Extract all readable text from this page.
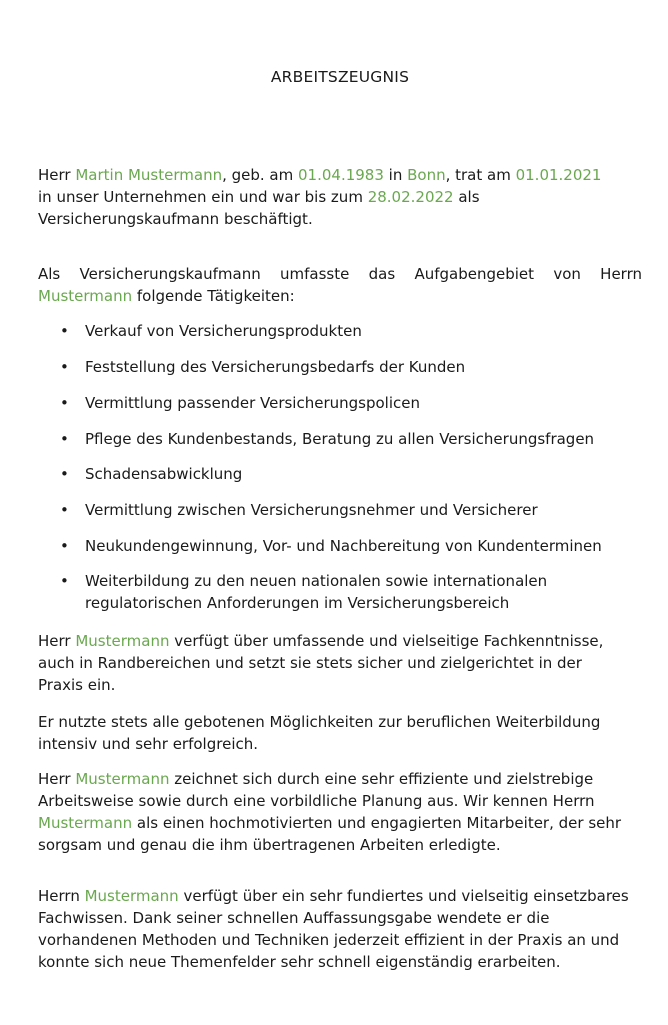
ARBEITSZEUGNIS

Herr Martin Mustermann, geb. am 01.04.1983 in Bonn, trat am 01.01.2021 in unser Unternehmen ein und war bis zum 28.02.2022 als Versicherungskaufmann beschäftigt.

Als Versicherungskaufmann umfasste das Aufgabengebiet von Herrn Mustermann folgende Tätigkeiten:

• Verkauf von Versicherungsprodukten
• Feststellung des Versicherungsbedarfs der Kunden
• Vermittlung passender Versicherungspolicen
• Pflege des Kundenbestands, Beratung zu allen Versicherungsfragen
• Schadensabwicklung
• Vermittlung zwischen Versicherungsnehmer und Versicherer
• Neukundengewinnung, Vor- und Nachbereitung von Kundenterminen
• Weiterbildung zu den neuen nationalen sowie internationalen regulatorischen Anforderungen im Versicherungsbereich

Herr Mustermann verfügt über umfassende und vielseitige Fachkenntnisse, auch in Randbereichen und setzt sie stets sicher und zielgerichtet in der Praxis ein.

Er nutzte stets alle gebotenen Möglichkeiten zur beruflichen Weiterbildung intensiv und sehr erfolgreich.

Herr Mustermann zeichnet sich durch eine sehr effiziente und zielstrebige Arbeitsweise sowie durch eine vorbildliche Planung aus. Wir kennen Herrn Mustermann als einen hochmotivierten und engagierten Mitarbeiter, der sehr sorgsam und genau die ihm übertragenen Arbeiten erledigte.

Herrn Mustermann verfügt über ein sehr fundiertes und vielseitig einsetzbares Fachwissen. Dank seiner schnellen Auffassungsgabe wendete er die vorhandenen Methoden und Techniken jederzeit effizient in der Praxis an und konnte sich neue Themenfelder sehr schnell eigenständig erarbeiten.
